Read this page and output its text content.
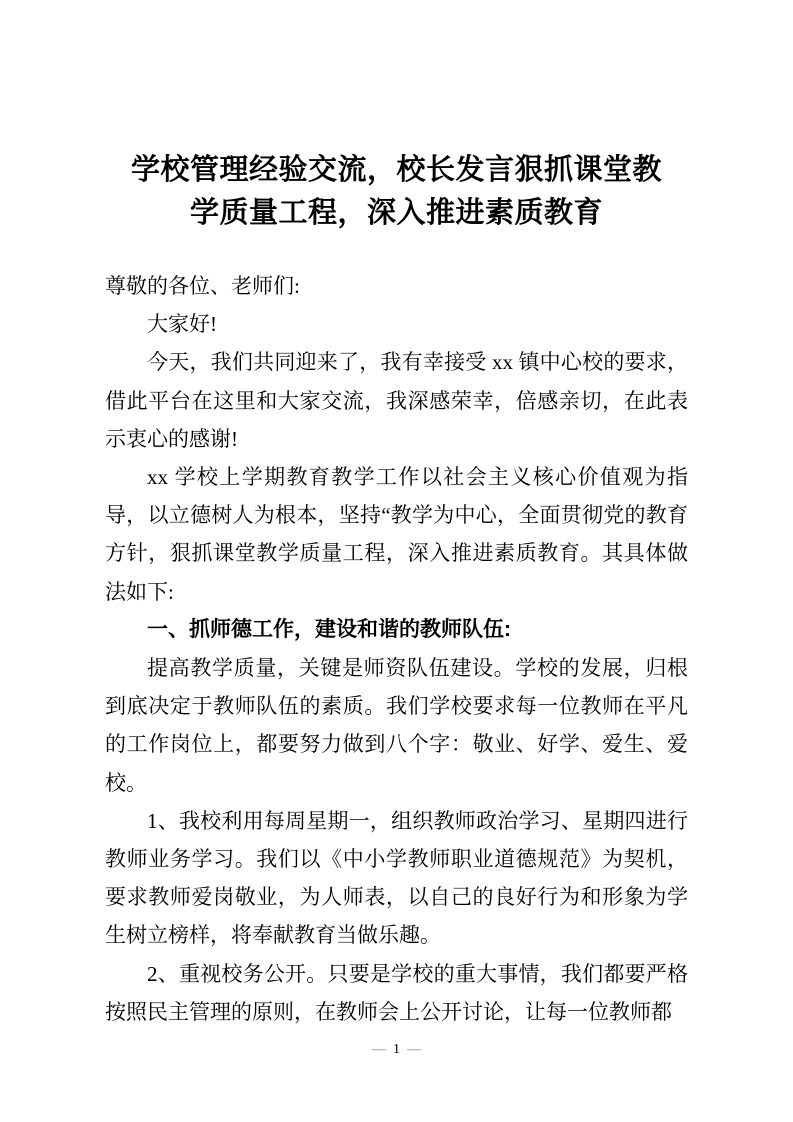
学校管理经验交流，校长发言狠抓课堂教
学质量工程，深入推进素质教育

尊敬的各位、老师们:

大家好!

今天，我们共同迎来了，我有幸接受 xx 镇中心校的要求，借此平台在这里和大家交流，我深感荣幸，倍感亲切，在此表示衷心的感谢!

xx 学校上学期教育教学工作以社会主义核心价值观为指导，以立德树人为根本，坚持“教学为中心，全面贯彻党的教育方针，狠抓课堂教学质量工程，深入推进素质教育。其具体做法如下:

一、抓师德工作，建设和谐的教师队伍:

提高教学质量，关键是师资队伍建设。学校的发展，归根到底决定于教师队伍的素质。我们学校要求每一位教师在平凡的工作岗位上，都要努力做到八个字：敬业、好学、爱生、爱校。

1、我校利用每周星期一，组织教师政治学习、星期四进行教师业务学习。我们以《中小学教师职业道德规范》为契机，要求教师爱岗敬业，为人师表，以自己的良好行为和形象为学生树立榜样，将奉献教育当做乐趣。

2、重视校务公开。只要是学校的重大事情，我们都要严格按照民主管理的原则，在教师会上公开讨论，让每一位教师都

— 1 —
